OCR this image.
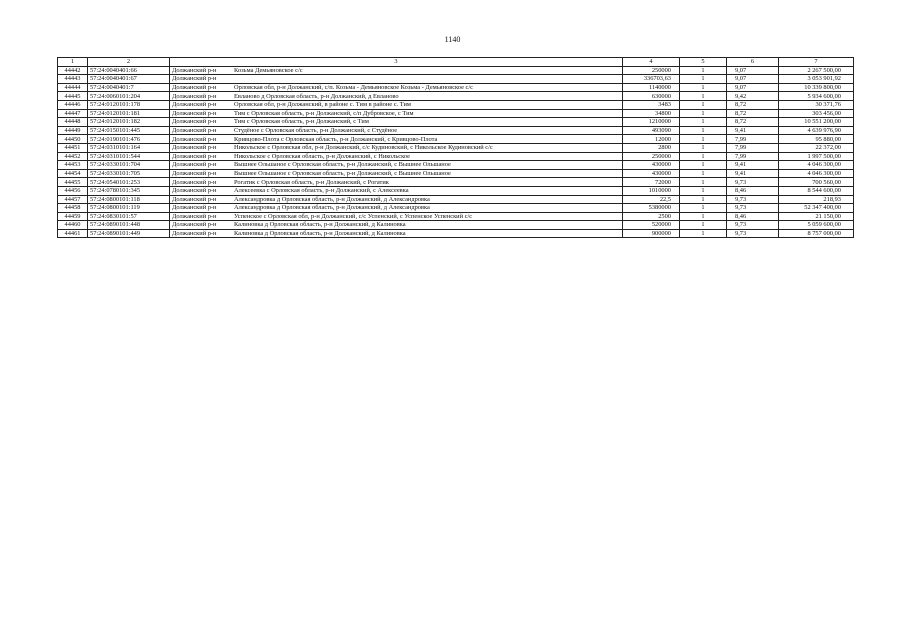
1140
1	2	3	4	5	6	7
44442	57:24:0040401:66	Должанский р-н Козьма Демьяновское с/с	250000	1	9,07	2 267 500,00
44443	57:24:0040401:67	Должанский р-н	336703,63	1	9,07	3 053 901,92
44444	57:24:0040401:7	Должанский р-н Орловская обл, р-н Должанский, с/п. Козьма - Демьяновское Козьма - Демьяновское с/с	1140000	1	9,07	10 339 800,00
44445	57:24:0060101:204	Должанский р-н Евланово д Орловская область, р-н Должанский, д Евланово	630000	1	9,42	5 934 600,00
44446	57:24:0120101:178	Должанский р-н Орловская обл, р-н Должанский, в районе с. Тим в районе с. Тим	3483	1	8,72	30 371,76
44447	57:24:0120101:181	Должанский р-н Тим с Орловская область, р-н Должанский, с/п Дубровское, с Тим	34800	1	8,72	303 456,00
44448	57:24:0120101:182	Должанский р-н Тим с Орловская область, р-н Должанский, с Тим	1210000	1	8,72	10 551 200,00
44449	57:24:0150101:445	Должанский р-н Студёное с Орловская область, р-н Должанский, с Студёное	493090	1	9,41	4 639 976,90
44450	57:24:0190101:476	Должанский р-н Кривцово-Плота с Орловская область, р-н Должанский, с Кривцово-Плота	12000	1	7,99	95 880,00
44451	57:24:0310101:164	Должанский р-н Никольское с Орловская обл, р-н Должанский, с/с Кудиновский, с Никольское Кудиновский с/с	2800	1	7,99	22 372,00
44452	57:24:0310101:544	Должанский р-н Никольское с Орловская область, р-н Должанский, с Никольское	250000	1	7,99	1 997 500,00
44453	57:24:0330101:704	Должанский р-н Вышнее Ольшаное с Орловская область, р-н Должанский, с Вышнее Ольшаное	430000	1	9,41	4 046 300,00
44454	57:24:0330101:705	Должанский р-н Вышнее Ольшаное с Орловская область, р-н Должанский, с Вышнее Ольшаное	430000	1	9,41	4 046 300,00
44455	57:24:0540101:253	Должанский р-н Рогатик с Орловская область, р-н Должанский, с Рогатик	72000	1	9,73	700 560,00
44456	57:24:0780101:345	Должанский р-н Алексеевка с Орловская область, р-н Должанский, с Алексеевка	1010000	1	8,46	8 544 600,00
44457	57:24:0800101:118	Должанский р-н Александровка д Орловская область, р-н Должанский, д Александровка	22,5	1	9,73	218,93
44458	57:24:0800101:119	Должанский р-н Александровка д Орловская область, р-н Должанский, д Александровка	5380000	1	9,73	52 347 400,00
44459	57:24:0830101:57	Должанский р-н Успенское с Орловская обл, р-н Должанский, с/с Успенский, с Успенское Успенский с/с	2500	1	8,46	21 150,00
44460	57:24:0890101:448	Должанский р-н Калиновка д Орловская область, р-н Должанский, д Калиновка	520000	1	9,73	5 059 600,00
44461	57:24:0890101:449	Должанский р-н Калиновка д Орловская область, р-н Должанский, д Калиновка	900000	1	9,73	8 757 000,00
